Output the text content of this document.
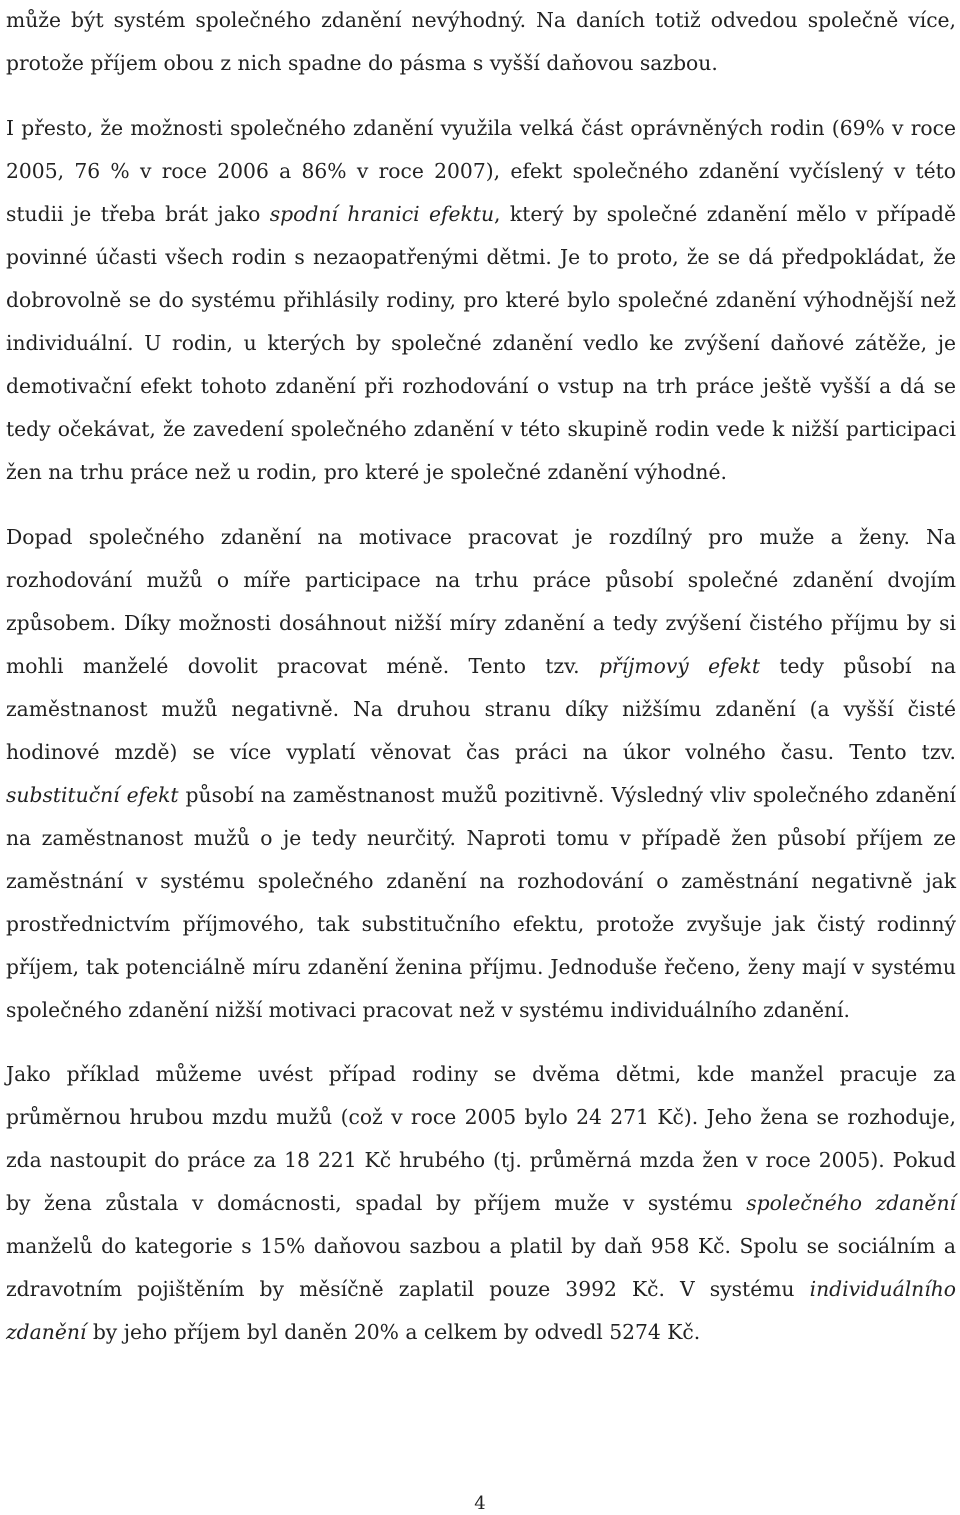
může být systém společného zdanění nevýhodný. Na daních totiž odvedou společně více, protože příjem obou z nich spadne do pásma s vyšší daňovou sazbou.

I přesto, že možnosti společného zdanění využila velká část oprávněných rodin (69% v roce 2005, 76 % v roce 2006 a 86% v roce 2007), efekt společného zdanění vyčíslený v této studii je třeba brát jako spodní hranici efektu, který by společné zdanění mělo v případě povinné účasti všech rodin s nezaopatřenými dětmi. Je to proto, že se dá předpokládat, že dobrovolně se do systému přihlásily rodiny, pro které bylo společné zdanění výhodnější než individuální. U rodin, u kterých by společné zdanění vedlo ke zvýšení daňové zátěže, je demotivační efekt tohoto zdanění při rozhodování o vstup na trh práce ještě vyšší a dá se tedy očekávat, že zavedení společného zdanění v této skupině rodin vede k nižší participaci žen na trhu práce než u rodin, pro které je společné zdanění výhodné.

Dopad společného zdanění na motivace pracovat je rozdílný pro muže a ženy. Na rozhodování mužů o míře participace na trhu práce působí společné zdanění dvojím způsobem. Díky možnosti dosáhnout nižší míry zdanění a tedy zvýšení čistého příjmu by si mohli manželé dovolit pracovat méně. Tento tzv. příjmový efekt tedy působí na zaměstnanost mužů negativně. Na druhou stranu díky nižšímu zdanění (a vyšší čisté hodinové mzdě) se více vyplatí věnovat čas práci na úkor volného času. Tento tzv. substituční efekt působí na zaměstnanost mužů pozitivně. Výsledný vliv společného zdanění na zaměstnanost mužů o je tedy neurčitý. Naproti tomu v případě žen působí příjem ze zaměstnání v systému společného zdanění na rozhodování o zaměstnání negativně jak prostřednictvím příjmového, tak substitučního efektu, protože zvyšuje jak čistý rodinný příjem, tak potenciálně míru zdanění ženina příjmu. Jednoduše řečeno, ženy mají v systému společného zdanění nižší motivaci pracovat než v systému individuálního zdanění.

Jako příklad můžeme uvést případ rodiny se dvěma dětmi, kde manžel pracuje za průměrnou hrubou mzdu mužů (což v roce 2005 bylo 24 271 Kč). Jeho žena se rozhoduje, zda nastoupit do práce za 18 221 Kč hrubého (tj. průměrná mzda žen v roce 2005). Pokud by žena zůstala v domácnosti, spadal by příjem muže v systému společného zdanění manželů do kategorie s 15% daňovou sazbou a platil by daň 958 Kč. Spolu se sociálním a zdravotním pojištěním by měsíčně zaplatil pouze 3992 Kč. V systému individuálního zdanění by jeho příjem byl daněn 20% a celkem by odvedl 5274 Kč.

4
